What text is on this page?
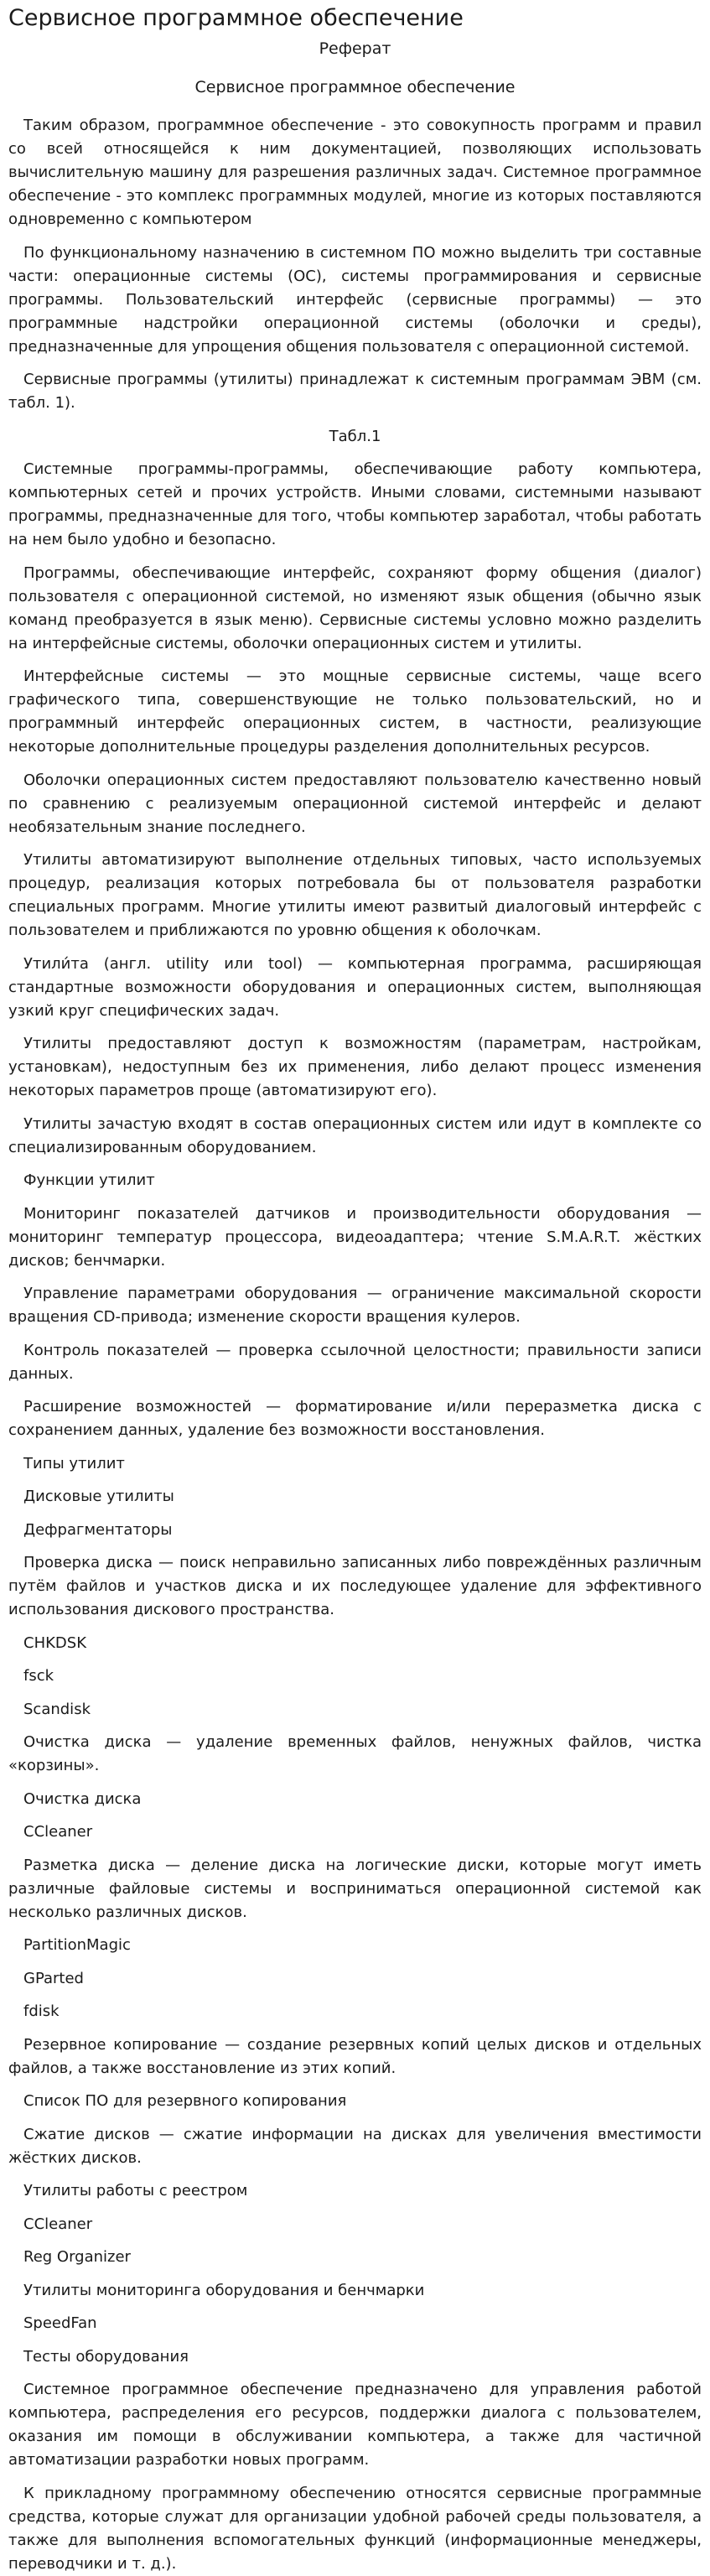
Сервисное программное обеспечение
Реферат
Сервисное программное обеспечение

Таким образом, программное обеспечение - это совокупность программ и правил со всей относящейся к ним документацией, позволяющих использовать вычислительную машину для разрешения различных задач. Системное программное обеспечение - это комплекс программных модулей, многие из которых поставляются одновременно с компьютером

По функциональному назначению в системном ПО можно выделить три составные части: операционные системы (ОС), системы программирования и сервисные программы. Пользовательский интерфейс (сервисные программы) — это программные надстройки операционной системы (оболочки и среды), предназначенные для упрощения общения пользователя с операционной системой.

Сервисные программы (утилиты) принадлежат к системным программам ЭВМ (см. табл. 1).

Табл.1

Системные программы-программы, обеспечивающие работу компьютера, компьютерных сетей и прочих устройств. Иными словами, системными называют программы, предназначенные для того, чтобы компьютер заработал, чтобы работать на нем было удобно и безопасно.

Программы, обеспечивающие интерфейс, сохраняют форму общения (диалог) пользователя с операционной системой, но изменяют язык общения (обычно язык команд преобразуется в язык меню). Сервисные системы условно можно разделить на интерфейсные системы, оболочки операционных систем и утилиты.

Интерфейсные системы — это мощные сервисные системы, чаще всего графического типа, совершенствующие не только пользовательский, но и программный интерфейс операционных систем, в частности, реализующие некоторые дополнительные процедуры разделения дополнительных ресурсов.

Оболочки операционных систем предоставляют пользователю качественно новый по сравнению с реализуемым операционной системой интерфейс и делают необязательным знание последнего.

Утилиты автоматизируют выполнение отдельных типовых, часто используемых процедур, реализация которых потребовала бы от пользователя разработки специальных программ. Многие утилиты имеют развитый диалоговый интерфейс с пользователем и приближаются по уровню общения к оболочкам.

Утили́та (англ. utility или tool) — компьютерная программа, расширяющая стандартные возможности оборудования и операционных систем, выполняющая узкий круг специфических задач.

Утилиты предоставляют доступ к возможностям (параметрам, настройкам, установкам), недоступным без их применения, либо делают процесс изменения некоторых параметров проще (автоматизируют его).

Утилиты зачастую входят в состав операционных систем или идут в комплекте со специализированным оборудованием.

Функции утилит

Мониторинг показателей датчиков и производительности оборудования — мониторинг температур процессора, видеоадаптера; чтение S.M.A.R.T. жёстких дисков; бенчмарки.

Управление параметрами оборудования — ограничение максимальной скорости вращения CD-привода; изменение скорости вращения кулеров.

Контроль показателей — проверка ссылочной целостности; правильности записи данных.

Расширение возможностей — форматирование и/или переразметка диска с сохранением данных, удаление без возможности восстановления.

Типы утилит

Дисковые утилиты

Дефрагментаторы

Проверка диска — поиск неправильно записанных либо повреждённых различным путём файлов и участков диска и их последующее удаление для эффективного использования дискового пространства.

CHKDSK

fsck

Scandisk

Очистка диска — удаление временных файлов, ненужных файлов, чистка «корзины».

Очистка диска

CCleaner

Разметка диска — деление диска на логические диски, которые могут иметь различные файловые системы и восприниматься операционной системой как несколько различных дисков.

PartitionMagic

GParted

fdisk

Резервное копирование — создание резервных копий целых дисков и отдельных файлов, а также восстановление из этих копий.

Список ПО для резервного копирования

Сжатие дисков — сжатие информации на дисках для увеличения вместимости жёстких дисков.

Утилиты работы с реестром

CCleaner

Reg Organizer

Утилиты мониторинга оборудования и бенчмарки

SpeedFan

Тесты оборудования

Системное программное обеспечение предназначено для управления работой компьютера, распределения его ресурсов, поддержки диалога с пользователем, оказания им помощи в обслуживании компьютера, а также для частичной автоматизации разработки новых программ.

К прикладному программному обеспечению относятся сервисные программные средства, которые служат для организации удобной рабочей среды пользователя, а также для выполнения вспомогательных функций (информационные менеджеры, переводчики и т. д.).
